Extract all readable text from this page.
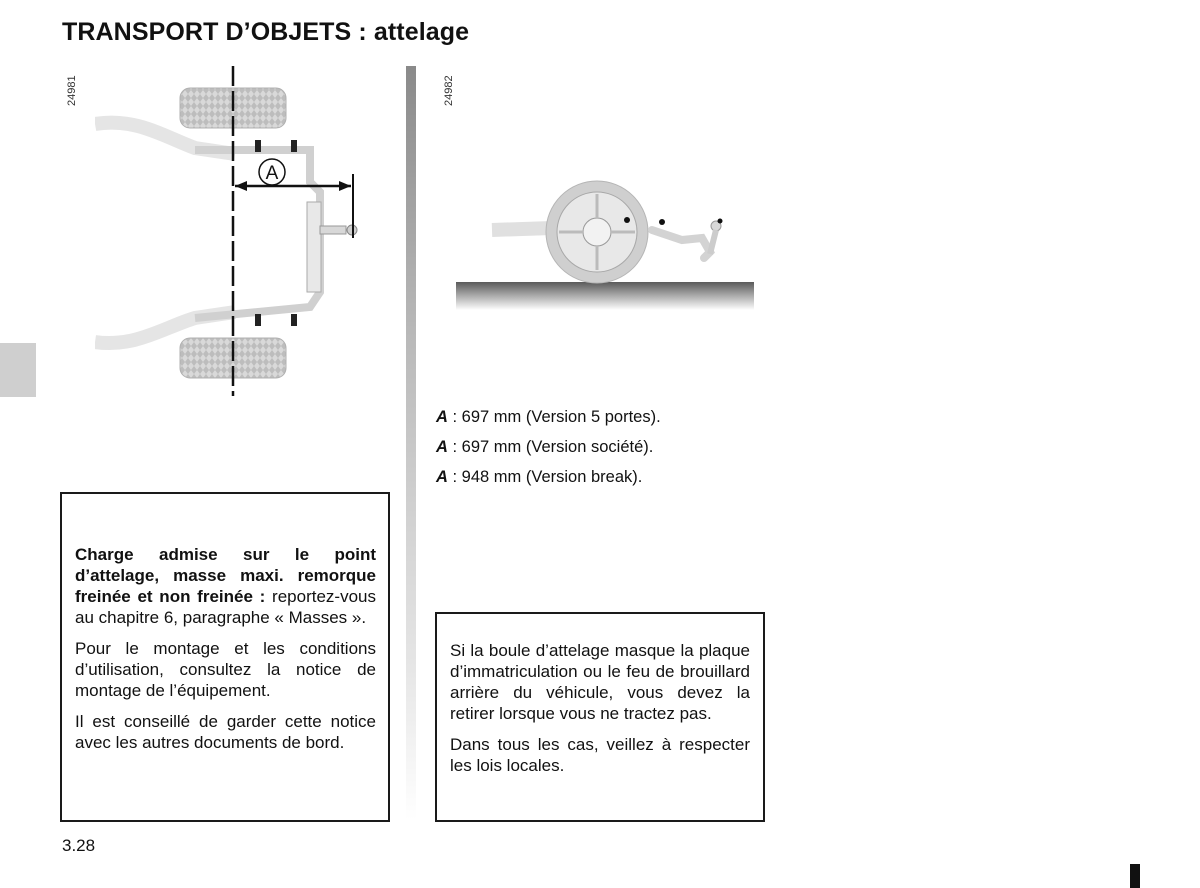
TRANSPORT D’OBJETS : attelage
24981
A
24982
A : 697 mm (Version 5 portes).
A : 697 mm (Version société).
A : 948 mm (Version break).

Charge admise sur le point d’attelage, masse maxi. remorque freinée et non freinée : reportez-vous au chapitre 6, paragraphe « Masses ».

Pour le montage et les conditions d’utilisation, consultez la notice de montage de l’équipement.

Il est conseillé de garder cette notice avec les autres documents de bord.

Si la boule d’attelage masque la plaque d’immatriculation ou le feu de brouillard arrière du véhicule, vous devez la retirer lorsque vous ne tractez pas.

Dans tous les cas, veillez à respecter les lois locales.

3.28
